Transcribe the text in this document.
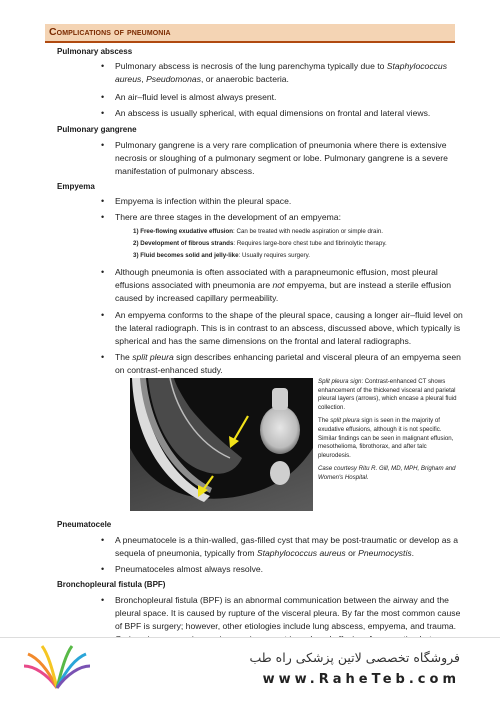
Complications of pneumonia
Pulmonary abscess
• Pulmonary abscess is necrosis of the lung parenchyma typically due to Staphylococcus aureus, Pseudomonas, or anaerobic bacteria.
• An air–fluid level is almost always present.
• An abscess is usually spherical, with equal dimensions on frontal and lateral views.
Pulmonary gangrene
• Pulmonary gangrene is a very rare complication of pneumonia where there is extensive necrosis or sloughing of a pulmonary segment or lobe. Pulmonary gangrene is a severe manifestation of pulmonary abscess.
Empyema
• Empyema is infection within the pleural space.
• There are three stages in the development of an empyema:
1) Free-flowing exudative effusion: Can be treated with needle aspiration or simple drain.
2) Development of fibrous strands: Requires large-bore chest tube and fibrinolytic therapy.
3) Fluid becomes solid and jelly-like: Usually requires surgery.
• Although pneumonia is often associated with a parapneumonic effusion, most pleural effusions associated with pneumonia are not empyema, but are instead a sterile effusion caused by increased capillary permeability.
• An empyema conforms to the shape of the pleural space, causing a longer air–fluid level on the lateral radiograph. This is in contrast to an abscess, discussed above, which typically is spherical and has the same dimensions on the frontal and lateral radiographs.
• The split pleura sign describes enhancing parietal and visceral pleura of an empyema seen on contrast-enhanced study.

Split pleura sign: Contrast-enhanced CT shows enhancement of the thickened visceral and parietal pleural layers (arrows), which encase a pleural fluid collection.

The split pleura sign is seen in the majority of exudative effusions, although it is not specific. Similar findings can be seen in malignant effusion, mesothelioma, fibrothorax, and after talc pleurodesis.

Case courtesy Ritu R. Gill, MD, MPH, Brigham and Women's Hospital.

Pneumatocele
• A pneumatocele is a thin-walled, gas-filled cyst that may be post-traumatic or develop as a sequela of pneumonia, typically from Staphylococcus aureus or Pneumocystis.
• Pneumatoceles almost always resolve.
Bronchopleural fistula (BPF)
• Bronchopleural fistula (BPF) is an abnormal communication between the airway and the pleural space. It is caused by rupture of the visceral pleura. By far the most common cause of BPF is surgery; however, other etiologies include lung abscess, empyema, and trauma.
فروشگاه تخصصی لاتین پزشکی راه طب
www.RaheTeb.com
